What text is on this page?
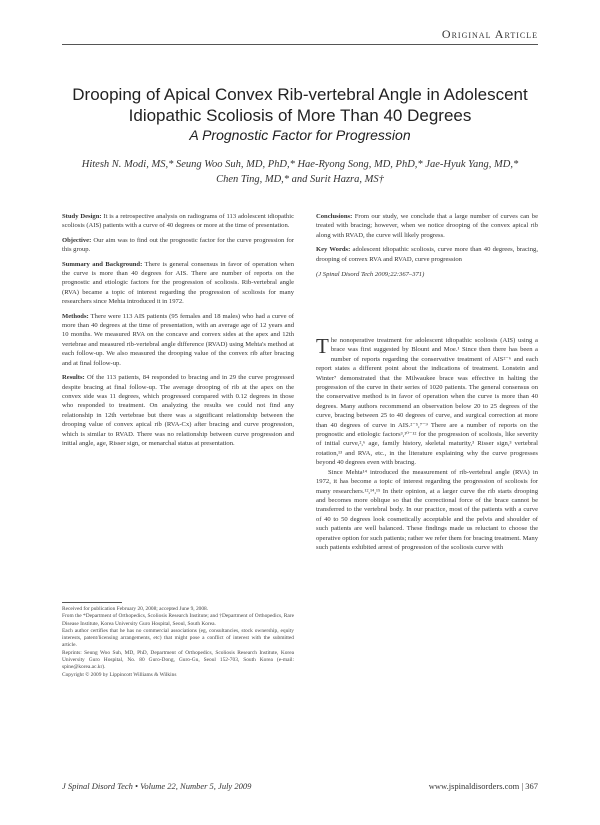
Original Article
Drooping of Apical Convex Rib-vertebral Angle in Adolescent Idiopathic Scoliosis of More Than 40 Degrees
A Prognostic Factor for Progression
Hitesh N. Modi, MS,* Seung Woo Suh, MD, PhD,* Hae-Ryong Song, MD, PhD,* Jae-Hyuk Yang, MD,* Chen Ting, MD,* and Surit Hazra, MS†

Study Design: It is a retrospective analysis on radiograms of 113 adolescent idiopathic scoliosis (AIS) patients with a curve of 40 degrees or more at the time of presentation.

Objective: Our aim was to find out the prognostic factor for the curve progression for this group.

Summary and Background: There is general consensus in favor of operation when the curve is more than 40 degrees for AIS. There are number of reports on the prognostic and etiologic factors for the progression of scoliosis. Rib-vertebral angle (RVA) became a topic of interest regarding the progression of scoliosis for many researchers since Mehta introduced it in 1972.

Methods: There were 113 AIS patients (95 females and 18 males) who had a curve of more than 40 degrees at the time of presentation, with an average age of 12 years and 10 months. We measured RVA on the concave and convex sides at the apex and 12th vertebrae and measured rib-vertebral angle difference (RVAD) using Mehta's method at each follow-up. We also measured the drooping value of the convex rib after bracing and at final follow-up.

Results: Of the 113 patients, 84 responded to bracing and in 29 the curve progressed despite bracing at final follow-up. The average drooping of rib at the apex on the convex side was 11 degrees, which progressed compared with 0.12 degrees in those who responded to treatment. On analyzing the results we could not find any relationship in 12th vertebrae but there was a significant relationship between the drooping value of convex apical rib (RVA-Cx) after bracing and curve progression, which is similar to RVAD. There was no relationship between curve progression and initial angle, age, Risser sign, or menarchal status at presentation.

Conclusions: From our study, we conclude that a large number of curves can be treated with bracing; however, when we notice drooping of the convex apical rib along with RVAD, the curve will likely progress.

Key Words: adolescent idiopathic scoliosis, curve more than 40 degrees, bracing, drooping of convex RVA and RVAD, curve progression

(J Spinal Disord Tech 2009;22:367–371)

The nonoperative treatment for adolescent idiopathic scoliosis (AIS) using a brace was first suggested by Blount and Moe.¹ Since then there has been a number of reports regarding the conservative treatment of AIS²⁻⁶ and each report states a different point about the indications of treatment. Lonstein and Winter⁷ demonstrated that the Milwaukee brace was effective in halting the progression of the curve in their series of 1020 patients. The general consensus on the conservative method is in favor of operation when the curve is more than 40 degrees. Many authors recommend an observation below 20 to 25 degrees of the curve, bracing between 25 to 40 degrees of curve, and surgical correction at more than 40 degrees of curve in AIS.²⁻⁵,⁷⁻⁹ There are a number of reports on the prognostic and etiologic factors³,¹⁰⁻¹² for the progression of scoliosis, like severity of initial curve,²,⁶ age, family history, skeletal maturity,³ Risser sign,³ vertebral rotation,¹³ and RVA, etc., in the literature explaining why the curve progresses beyond 40 degrees even with bracing.

Since Mehta¹⁴ introduced the measurement of rib-vertebral angle (RVA) in 1972, it has become a topic of interest regarding the progression of scoliosis for many researchers.¹²,¹⁴,¹⁵ In their opinion, at a larger curve the rib starts drooping and becomes more oblique so that the correctional force of the brace cannot be transferred to the vertebral body. In our practice, most of the patients with a curve of 40 to 50 degrees look cosmetically acceptable and the pelvis and shoulder of such patients are well balanced. These findings made us reluctant to choose the operative option for such patients; rather we refer them for bracing treatment. Many such patients exhibited arrest of progression of the scoliosis curve with

Received for publication February 20, 2008; accepted June 9, 2008.

From the *Department of Orthopedics, Scoliosis Research Institute; and †Department of Orthopedics, Rare Disease Institute, Korea University Guro Hospital, Seoul, South Korea.

Each author certifies that he has no commercial associations (eg, consultancies, stock ownership, equity interests, patent/licensing arrangements, etc) that might pose a conflict of interest with the submitted article.

Reprints: Seung Woo Suh, MD, PhD, Department of Orthopedics, Scoliosis Research Institute, Korea University Guro Hospital, No. 80 Guro-Dong, Guro-Gu, Seoul 152-703, South Korea (e-mail: spine@korea.ac.kr).

Copyright © 2009 by Lippincott Williams & Wilkins

J Spinal Disord Tech • Volume 22, Number 5, July 2009	www.jspinaldisorders.com | 367
